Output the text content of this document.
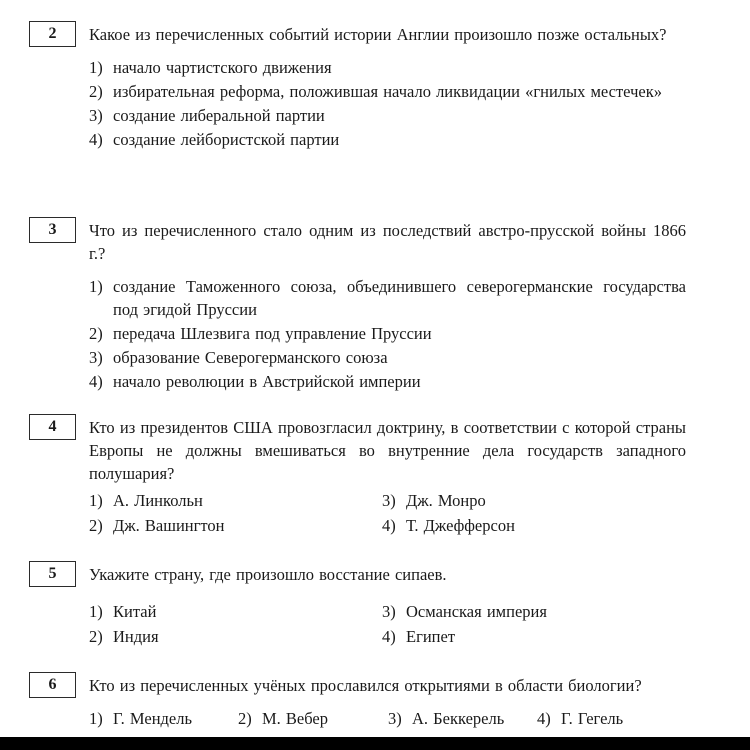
2 Какое из перечисленных событий истории Англии произошло позже остальных?

1) начало чартистского движения
2) избирательная реформа, положившая начало ликвидации «гнилых местечек»
3) создание либеральной партии
4) создание лейбористской партии
3 Что из перечисленного стало одним из последствий австро-прусской войны 1866 г.?

1) создание Таможенного союза, объединившего северогерманские государства под эгидой Пруссии
2) передача Шлезвига под управление Пруссии
3) образование Северогерманского союза
4) начало революции в Австрийской империи
4 Кто из президентов США провозгласил доктрину, в соответствии с которой страны Европы не должны вмешиваться во внутренние дела государств западного полушария?

1) А. Линкольн
2) Дж. Вашингтон
3) Дж. Монро
4) Т. Джефферсон
5 Укажите страну, где произошло восстание сипаев.

1) Китай
2) Индия
3) Османская империя
4) Египет
6 Кто из перечисленных учёных прославился открытиями в области биологии?

1) Г. Мендель	2) М. Вебер	3) А. Беккерель	4) Г. Гегель
